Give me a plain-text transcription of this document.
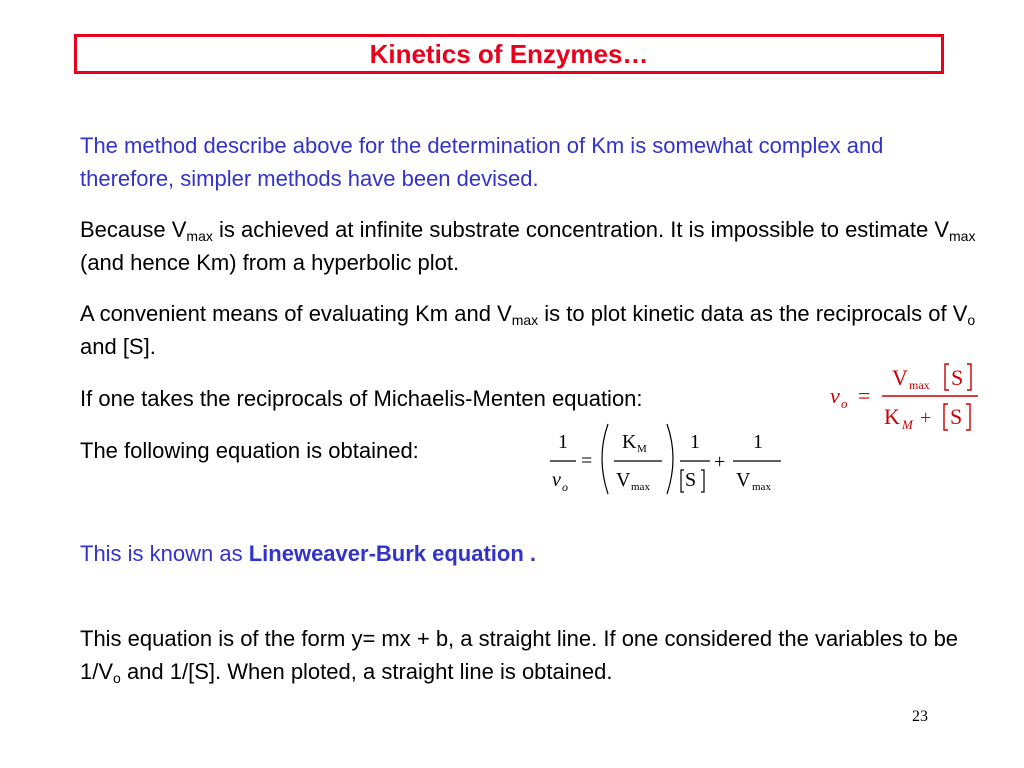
Kinetics of Enzymes…

The method describe above for the determination of Km is somewhat complex and therefore, simpler methods have been devised.

Because $V_{max}$ is achieved at infinite substrate concentration. It is impossible to estimate $V_{max}$ (and hence Km) from a hyperbolic plot.

A convenient means of evaluating Km and $V_{max}$ is to plot kinetic data as the reciprocals of $V_o$ and [S].

If one takes the reciprocals of Michaelis-Menten equation:

The following equation is obtained:

This is known as Lineweaver-Burk equation .

This equation is of the form y= mx + b, a straight line. If one considered the variables to be $1/V_o$ and 1/[S]. When ploted, a straight line is obtained.

v o =
V max S
K M + S
1
v o
=
K M
V max
1
S
+
1
V max
23
